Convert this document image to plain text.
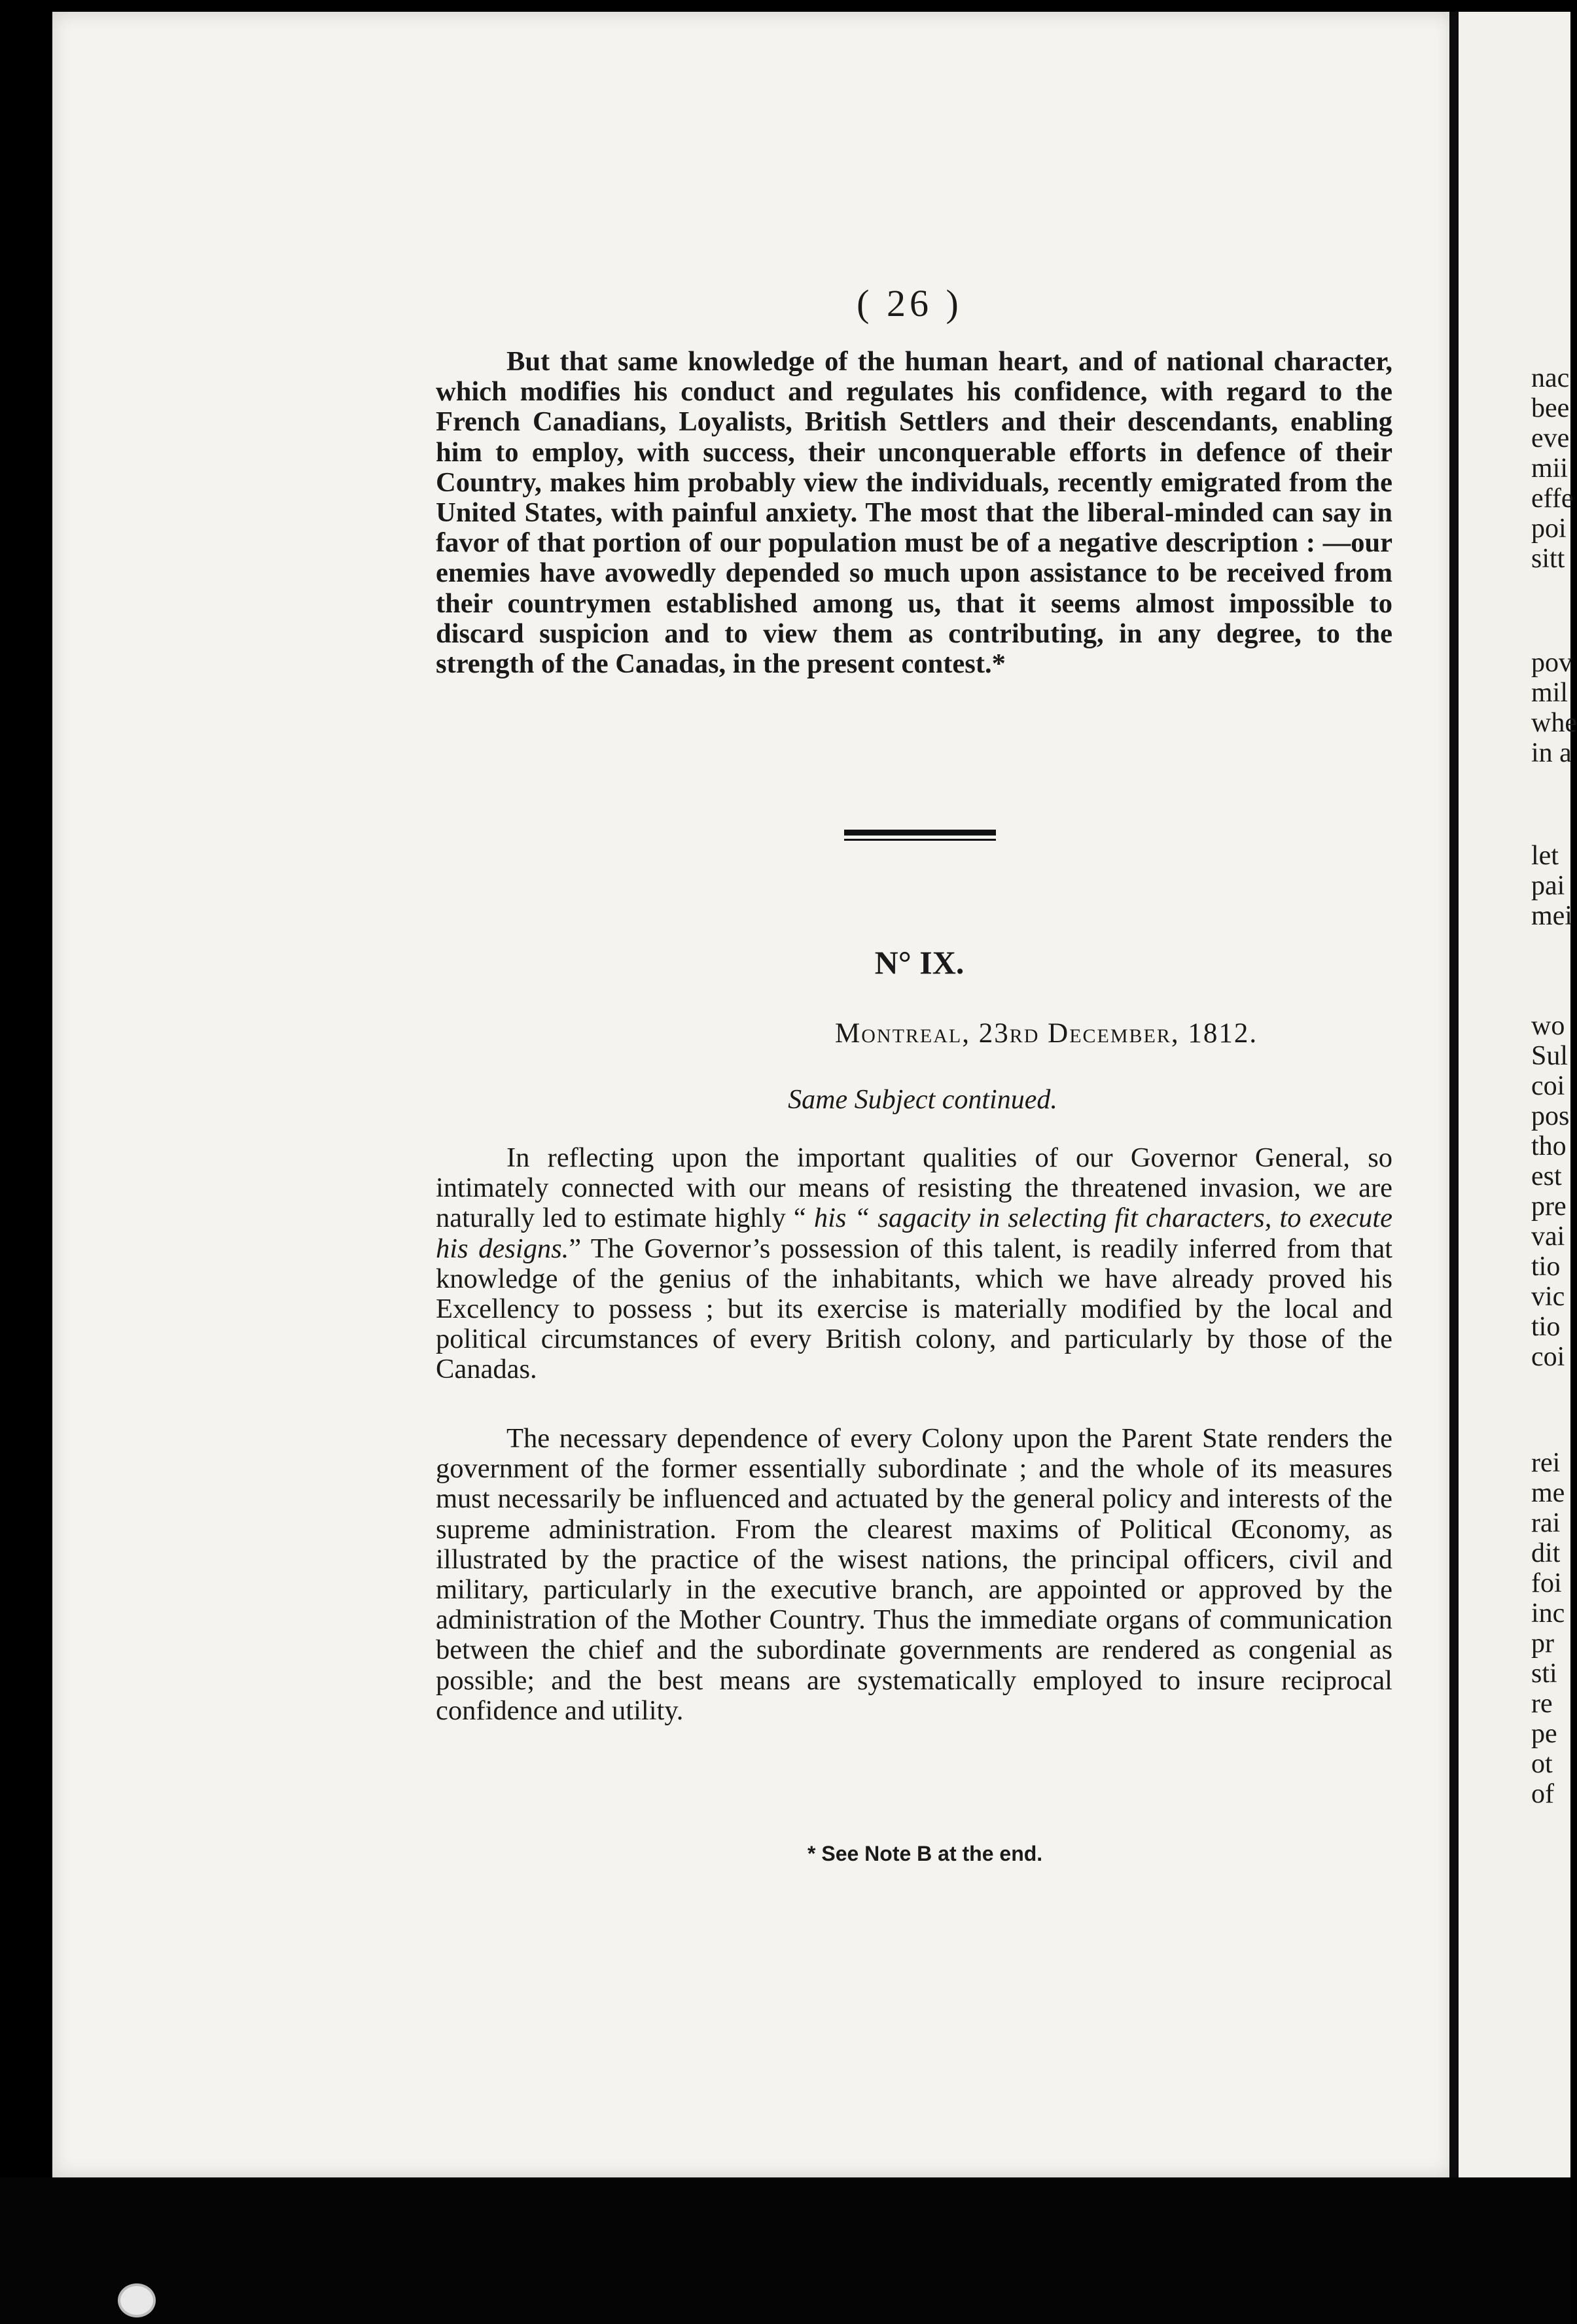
( 26 )

But that same knowledge of the human heart, and of national character, which modifies his conduct and regulates his confidence, with regard to the French Canadians, Loyalists, British Settlers and their descendants, enabling him to employ, with success, their unconquerable efforts in defence of their Country, makes him probably view the individuals, recently emigrated from the United States, with painful anxiety. The most that the liberal-minded can say in favor of that portion of our population must be of a negative description : —our enemies have avowedly depended so much upon assistance to be received from their countrymen established among us, that it seems almost impossible to discard suspicion and to view them as contributing, in any degree, to the strength of the Canadas, in the present contest.*

N° IX.
Montreal, 23rd December, 1812.
Same Subject continued.

In reflecting upon the important qualities of our Governor General, so intimately connected with our means of resisting the threatened invasion, we are naturally led to estimate highly “ his “ sagacity in selecting fit characters, to execute his designs.” The Governor’s possession of this talent, is readily inferred from that knowledge of the genius of the inhabitants, which we have already proved his Excellency to possess ; but its exercise is materially modified by the local and political circumstances of every British colony, and particularly by those of the Canadas.

The necessary dependence of every Colony upon the Parent State renders the government of the former essentially subordinate ; and the whole of its measures must necessarily be influenced and actuated by the general policy and interests of the supreme administration. From the clearest maxims of Political Œconomy, as illustrated by the practice of the wisest nations, the principal officers, civil and military, particularly in the executive branch, are appointed or approved by the administration of the Mother Country. Thus the immediate organs of communication between the chief and the subordinate governments are rendered as congenial as possible; and the best means are systematically employed to insure reciprocal confidence and utility.

* See Note B at the end.
nac
bee
eve
mii
effe
poi
sitt
pov
mil
whe
in a
let
pai
mei
wo
Sul
coi
pos
tho
est
pre
vai
tio
vic
tio
coi
rei
me
rai
dit
foi
inc
pr
sti
re
pe
ot
of
